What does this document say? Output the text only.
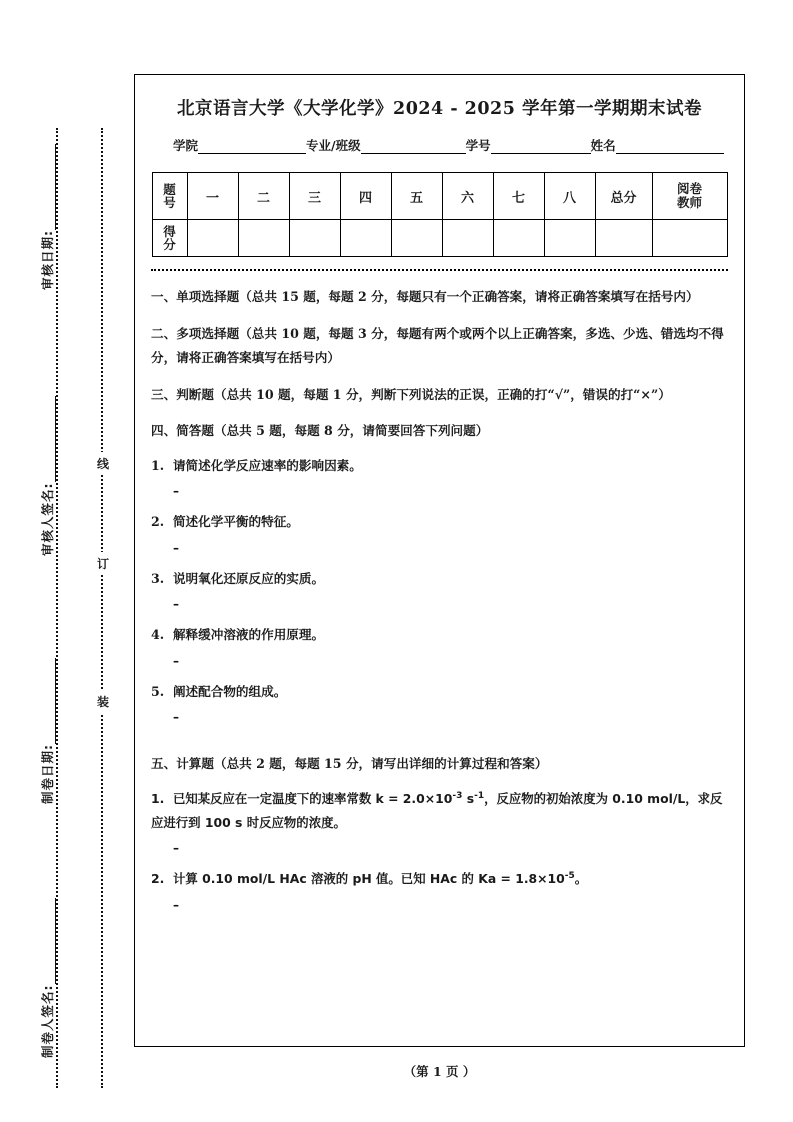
线
订
装
审核日期:
审核人签名:
制卷日期:
制卷人签名:
北京语言大学《大学化学》2024 - 2025 学年第一学期期末试卷
学院	专业/班级	学号	姓名
题
号	一	二	三	四	五	六	七	八	总分	阅卷
教师

得
分										

一、单项选择题（总共 15 题，每题 2 分，每题只有一个正确答案，请将正确答案填写在括号内）
二、多项选择题（总共 10 题，每题 3 分，每题有两个或两个以上正确答案，多选、少选、错选均不得分，请将正确答案填写在括号内）
三、判断题（总共 10 题，每题 1 分，判断下列说法的正误，正确的打“√”，错误的打“×”）
四、简答题（总共 5 题，每题 8 分，请简要回答下列问题）
1. 请简述化学反应速率的影响因素。
–
2. 简述化学平衡的特征。
–
3. 说明氧化还原反应的实质。
–
4. 解释缓冲溶液的作用原理。
–
5. 阐述配合物的组成。
–
五、计算题（总共 2 题，每题 15 分，请写出详细的计算过程和答案）
1. 已知某反应在一定温度下的速率常数 $k = 2.0\times 10^{-3}$ $s^{-1}$，反应物的初始浓度为 0.10 mol/L，求反应进行到 100 s 时反应物的浓度。
–
2. 计算 0.10 mol/L HAc 溶液的 pH 值。已知 HAc 的 $Ka = 1.8\times 10^{-5}$。
–
（第 1 页 ）
